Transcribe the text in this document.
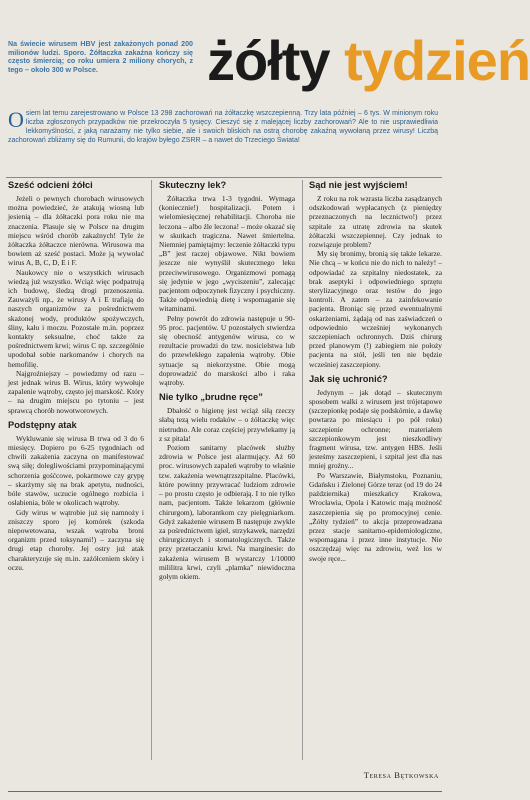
Na świecie wirusem HBV jest zakażonych ponad 200 milionów ludzi. Sporo. Żółtaczka zakaźna kończy się często śmiercią; co roku umiera 2 miliony chorych, z tego – około 300 w Polsce.	żółty tydzień
Osiem lat temu zarejestrowano w Polsce 13 298 zachorowań na żółtaczkę wszczepienną. Trzy lata później – 6 tys. W minionym roku liczba zgłoszonych przypadków nie przekroczyła 5 tysięcy. Cieszyć się z malejącej liczby zachorowań? Ale to nie usprawiedliwia lekkomyślności, z jaką narażamy nie tylko siebie, ale i swoich bliskich na ostrą chorobę zakaźną wywołaną przez wirusy! Liczbą zachorowań zbliżamy się do Rumunii, do krajów byłego ZSRR – a nawet do Trzeciego Świata!
Sześć odcieni żółci

Jeżeli o pewnych chorobach wirusowych można powiedzieć, że atakują wiosną lub jesienią – dla żółtaczki pora roku nie ma znaczenia. Plasuje się w Polsce na drugim miejscu wśród chorób zakaźnych! Tyle że żółtaczka żółtaczce nierówna. Wirusowa ma bowiem aż sześć postaci. Może ją wywołać wirus A, B, C, D, E i F.

Naukowcy nie o wszystkich wirusach wiedzą już wszystko. Wciąż więc podpatrują ich budowę, śledzą drogi przenoszenia. Zauważyli np., że wirusy A i E trafiają do naszych organizmów za pośrednictwem skażonej wody, produktów spożywczych, śliny, kału i moczu. Pozostałe m.in. poprzez kontakty seksualne, choć także za pośrednictwem krwi; wirus C np. szczególnie upodobał sobie narkomanów i chorych na hemofilię.

Najgroźniejszy – powiedzmy od razu – jest jednak wirus B. Wirus, który wywołuje zapalenie wątroby, często jej marskość. Który – na drugim miejscu po tytoniu – jest sprawcą chorób nowotworowych.

Podstępny atak

Wykluwanie się wirusa B trwa od 3 do 6 miesięcy. Dopiero po 6-25 tygodniach od chwili zakażenia zaczyna on manifestować swą siłę; dolegliwościami przypominającymi schorzenia gośćcowe, pokarmowe czy grypę – skarżymy się na brak apetytu, nudności, bóle stawów, uczucie ogólnego rozbicia i osłabienia, bóle w okolicach wątroby.

Gdy wirus w wątrobie już się namnoży i zniszczy sporo jej komórek (szkoda niepowetowana, wszak wątroba broni organizm przed toksynami!) – zaczyna się drugi etap choroby. Jej ostry już atak charakteryzuje się m.in. zażółceniem skóry i oczu.

Skuteczny lek?

Żółtaczka trwa 1-3 tygodni. Wymaga (koniecznie!) hospitalizacji. Potem i wielomiesięcznej rehabilitacji. Choroba nie leczona – albo źle leczona! – może okazać się w skutkach tragiczna. Nawet śmiertelna. Niemniej pamiętajmy: leczenie żółtaczki typu „B” jest raczej objawowe. Nikt bowiem jeszcze nie wynyślił skutecznego leku przeciwwirusowego. Organizmowi pomagą się jedynie w jego „wyciszeniu”, zalecając pacjentom odpoczynek fizyczny i psychiczny. Także odpowiednią dietę i wspomaganie się witaminami.

Pełny powrót do zdrowia następuje u 90-95 proc. pacjentów. U pozostałych stwierdza się obecność antygenów wirusa, co w rezultacie prowadzi do tzw. nosicielstwa lub do przewlekłego zapalenia wątroby. Obie sytuacje są niekorzystne. Obie mogą doprowadzić do marskości albo i raka wątroby.

Nie tylko „brudne ręce”

Dbałość o higienę jest wciąż siłą rzeczy słabą tezą wielu rodaków – o żółtaczkę więc nietrudno. Ale coraz częściej przywlekamy ją z sz pitala!

Poziom sanitarny placówek służby zdrowia w Polsce jest alarmujący. Aż 60 proc. wirusowych zapaleń wątroby to właśnie tzw. zakażenia wewnątrzszpitalne. Placówki, które powinny przywracać ludziom zdrowie – po prostu często je odbierają. I to nie tylko nam, pacjentom. Także lekarzom (głównie chirurgom), laborantkom czy pielęgniarkom. Gdyż zakażenie wirusem B następuje zwykle za pośrednictwem igieł, strzykawek, narzędzi chirurgicznych i stomatologicznych. Także przy przetaczaniu krwi. Na marginesie: do zakażenia wirusem B wystarczy 1/10000 mililitra krwi, czyli „plamka” niewidoczna gołym okiem.

Sąd nie jest wyjściem!

Z roku na rok wzrasta liczba zasądzanych odszkodowań wypłacanych (z pieniędzy przeznaczonych na lecznictwo!) przez szpitale za utratę zdrowia na skutek żółtaczki wszczepiennej. Czy jednak to rozwiązuje problem?

My się bronimy, bronią się także lekarze. Nie chcą – w końcu nie do nich to należy! – odpowiadać za szpitalny niedostatek, za brak aseptyki i odpowiedniego sprzętu sterylizacyjnego oraz testów do jego kontroli. A zatem – za zainfekowanie pacjenta. Broniąc się przed ewentualnymi oskarżeniami, żądają od nas zaświadczeń o odpowiednio wcześniej wykonanych szczepieniach ochronnych. Dziś chirurg przed planowym (!) zabiegiem nie położy pacjenta na stół, jeśli ten nie będzie wcześniej zaszczepiony.

Jak się uchronić?

Jedynym – jak dotąd – skutecznym sposobem walki z wirusem jest trójetapowe (szczepionkę podaje się podskórnie, a dawkę powtarza po miesiącu i po pół roku) szczepienie ochronne; materiałem szczepionkowym jest nieszkodliwy fragment wirusa, tzw. antygen HBS. Jeśli jesteśmy zaszczepieni, i szpital jest dla nas mniej groźny...

Po Warszawie, Białymstoku, Poznaniu, Gdańsku i Zielonej Górze teraz (od 19 do 24 października) mieszkańcy Krakowa, Wrocławia, Opola i Katowic mają możność zaszczepienia się po promocyjnej cenie. „Żółty tydzień” to akcja przeprowadzana przez stacje sanitarno-epidemiologiczne, wspomagana i przez inne instytucje. Nie oszczędzaj więc na zdrowiu, weź los w swoje ręce...

Teresa Bętkowska
